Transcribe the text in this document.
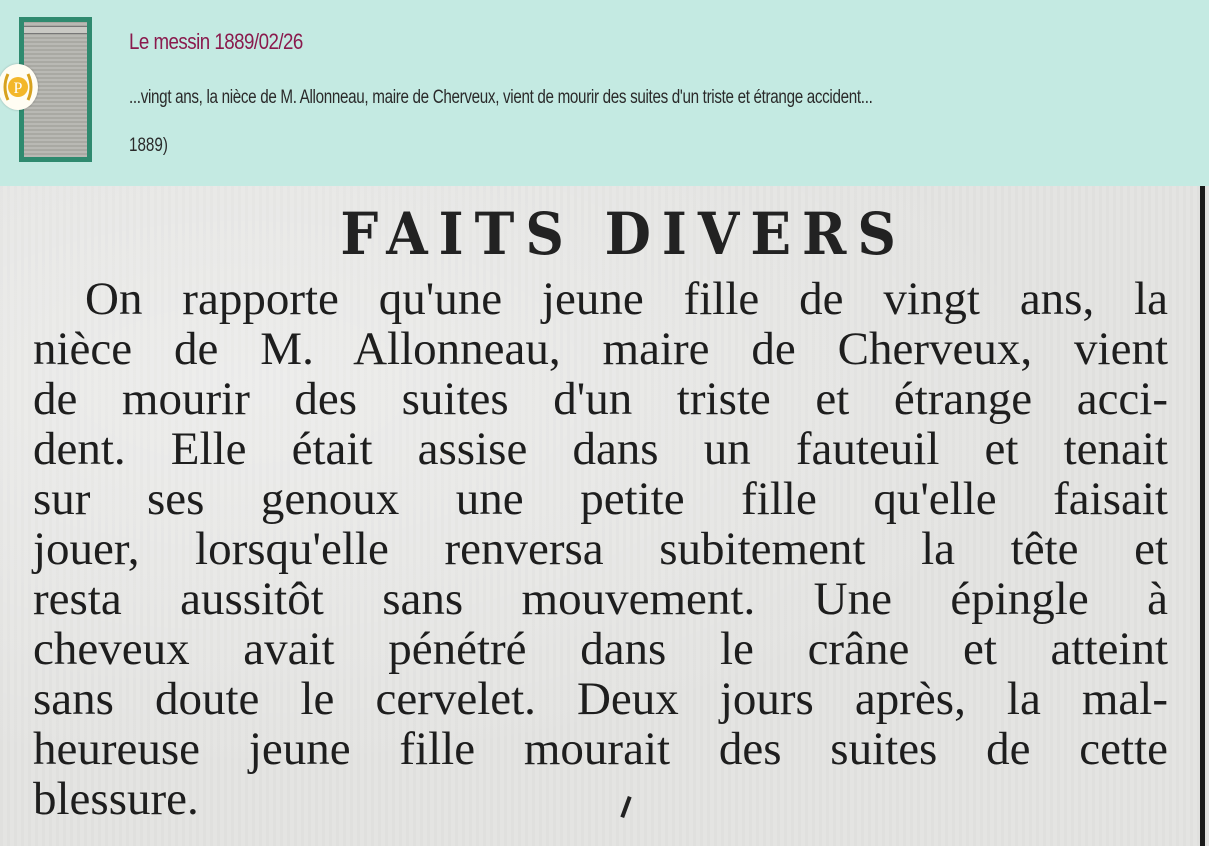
P
Le messin 1889/02/26
...vingt ans, la nièce de M. Allonneau, maire de Cherveux, vient de mourir des suites d'un triste et étrange accident...
1889)
FAITS DIVERS
On rapporte qu'une jeune fille de vingt ans, la
nièce de M. Allonneau, maire de Cherveux, vient
de mourir des suites d'un triste et étrange acci-
dent. Elle était assise dans un fauteuil et tenait
sur ses genoux une petite fille qu'elle faisait
jouer, lorsqu'elle renversa subitement la tête et
resta aussitôt sans mouvement. Une épingle à
cheveux avait pénétré dans le crâne et atteint
sans doute le cervelet. Deux jours après, la mal-
heureuse jeune fille mourait des suites de cette
blessure.
